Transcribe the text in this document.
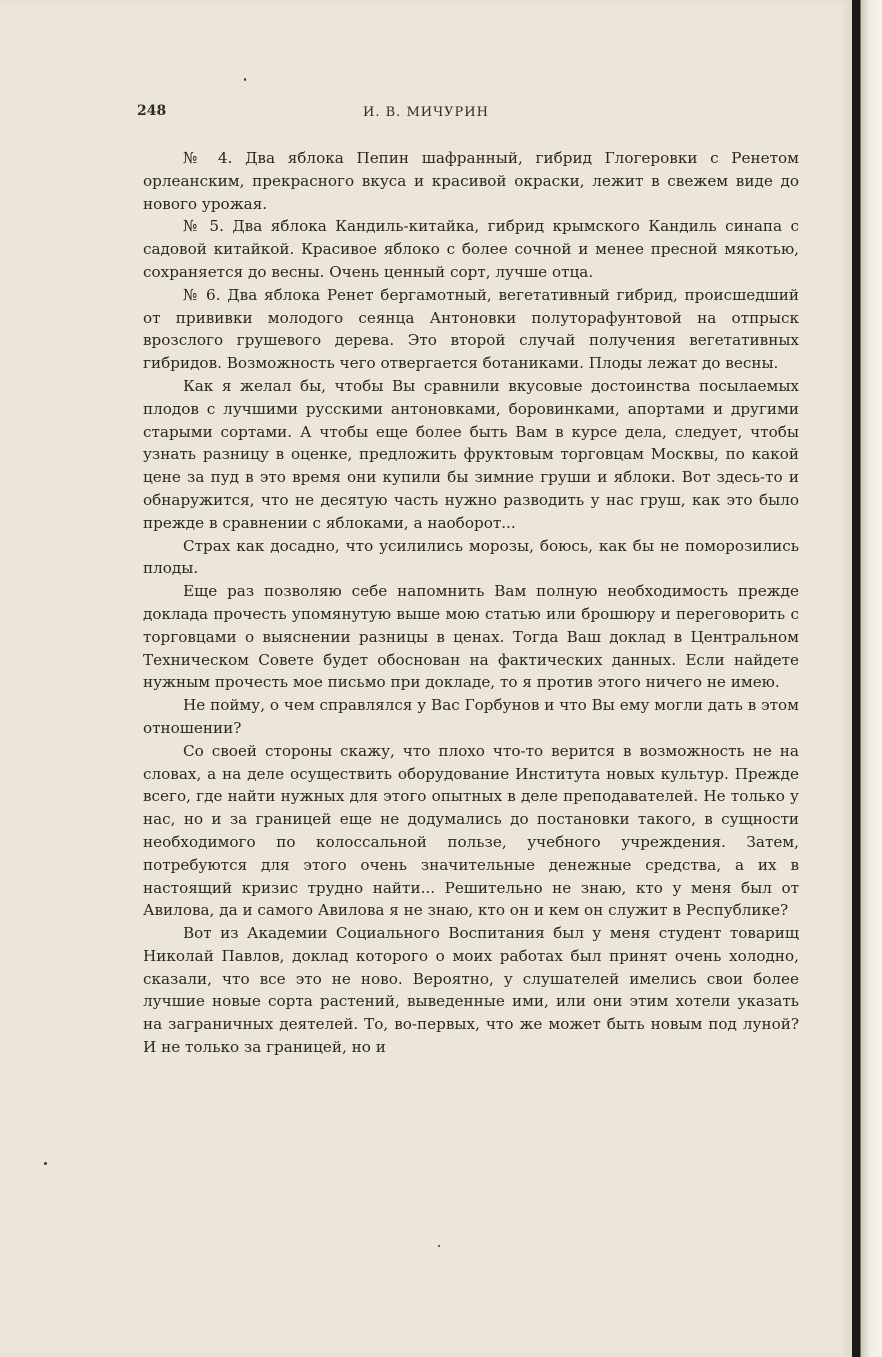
248	И. В. МИЧУРИН

№ 4. Два яблока Пепин шафранный, гибрид Глогеровки с Ренетом орлеанским, прекрасного вкуса и красивой окраски, лежит в свежем виде до нового урожая.

№ 5. Два яблока Кандиль-китайка, гибрид крымского Кандиль синапа с садовой китайкой. Красивое яблоко с более сочной и менее пресной мякотью, сохраняется до весны. Очень ценный сорт, лучше отца.

№ 6. Два яблока Ренет бергамотный, вегетативный гибрид, происшедший от прививки молодого сеянца Антоновки полуторафунтовой на отпрыск врозслого грушевого дерева. Это второй случай получения вегетативных гибридов. Возможность чего отвергается ботаниками. Плоды лежат до весны.

Как я желал бы, чтобы Вы сравнили вкусовые достоинства посылаемых плодов с лучшими русскими антоновками, боровинками, апортами и другими старыми сортами. А чтобы еще более быть Вам в курсе дела, следует, чтобы узнать разницу в оценке, предложить фруктовым торговцам Москвы, по какой цене за пуд в это время они купили бы зимние груши и яблоки. Вот здесь-то и обнаружится, что не десятую часть нужно разводить у нас груш, как это было прежде в сравнении с яблоками, а наоборот...

Страх как досадно, что усилились морозы, боюсь, как бы не поморозились плоды.

Еще раз позволяю себе напомнить Вам полную необходимость прежде доклада прочесть упомянутую выше мою статью или брошюру и переговорить с торговцами о выяснении разницы в ценах. Тогда Ваш доклад в Центральном Техническом Совете будет обоснован на фактических данных. Если найдете нужным прочесть мое письмо при докладе, то я против этого ничего не имею.

Не пойму, о чем справлялся у Вас Горбунов и что Вы ему могли дать в этом отношении?

Со своей стороны скажу, что плохо что-то верится в возможность не на словах, а на деле осуществить оборудование Института новых культур. Прежде всего, где найти нужных для этого опытных в деле преподавателей. Не только у нас, но и за границей еще не додумались до постановки такого, в сущности необходимого по колоссальной пользе, учебного учреждения. Затем, потребуются для этого очень значительные денежные средства, а их в настоящий кризис трудно найти... Решительно не знаю, кто у меня был от Авилова, да и самого Авилова я не знаю, кто он и кем он служит в Республике?

Вот из Академии Социального Воспитания был у меня студент товарищ Николай Павлов, доклад которого о моих работах был принят очень холодно, сказали, что все это не ново. Вероятно, у слушателей имелись свои более лучшие новые сорта растений, выведенные ими, или они этим хотели указать на заграничных деятелей. То, во-первых, что же может быть новым под луной? И не только за границей, но и
